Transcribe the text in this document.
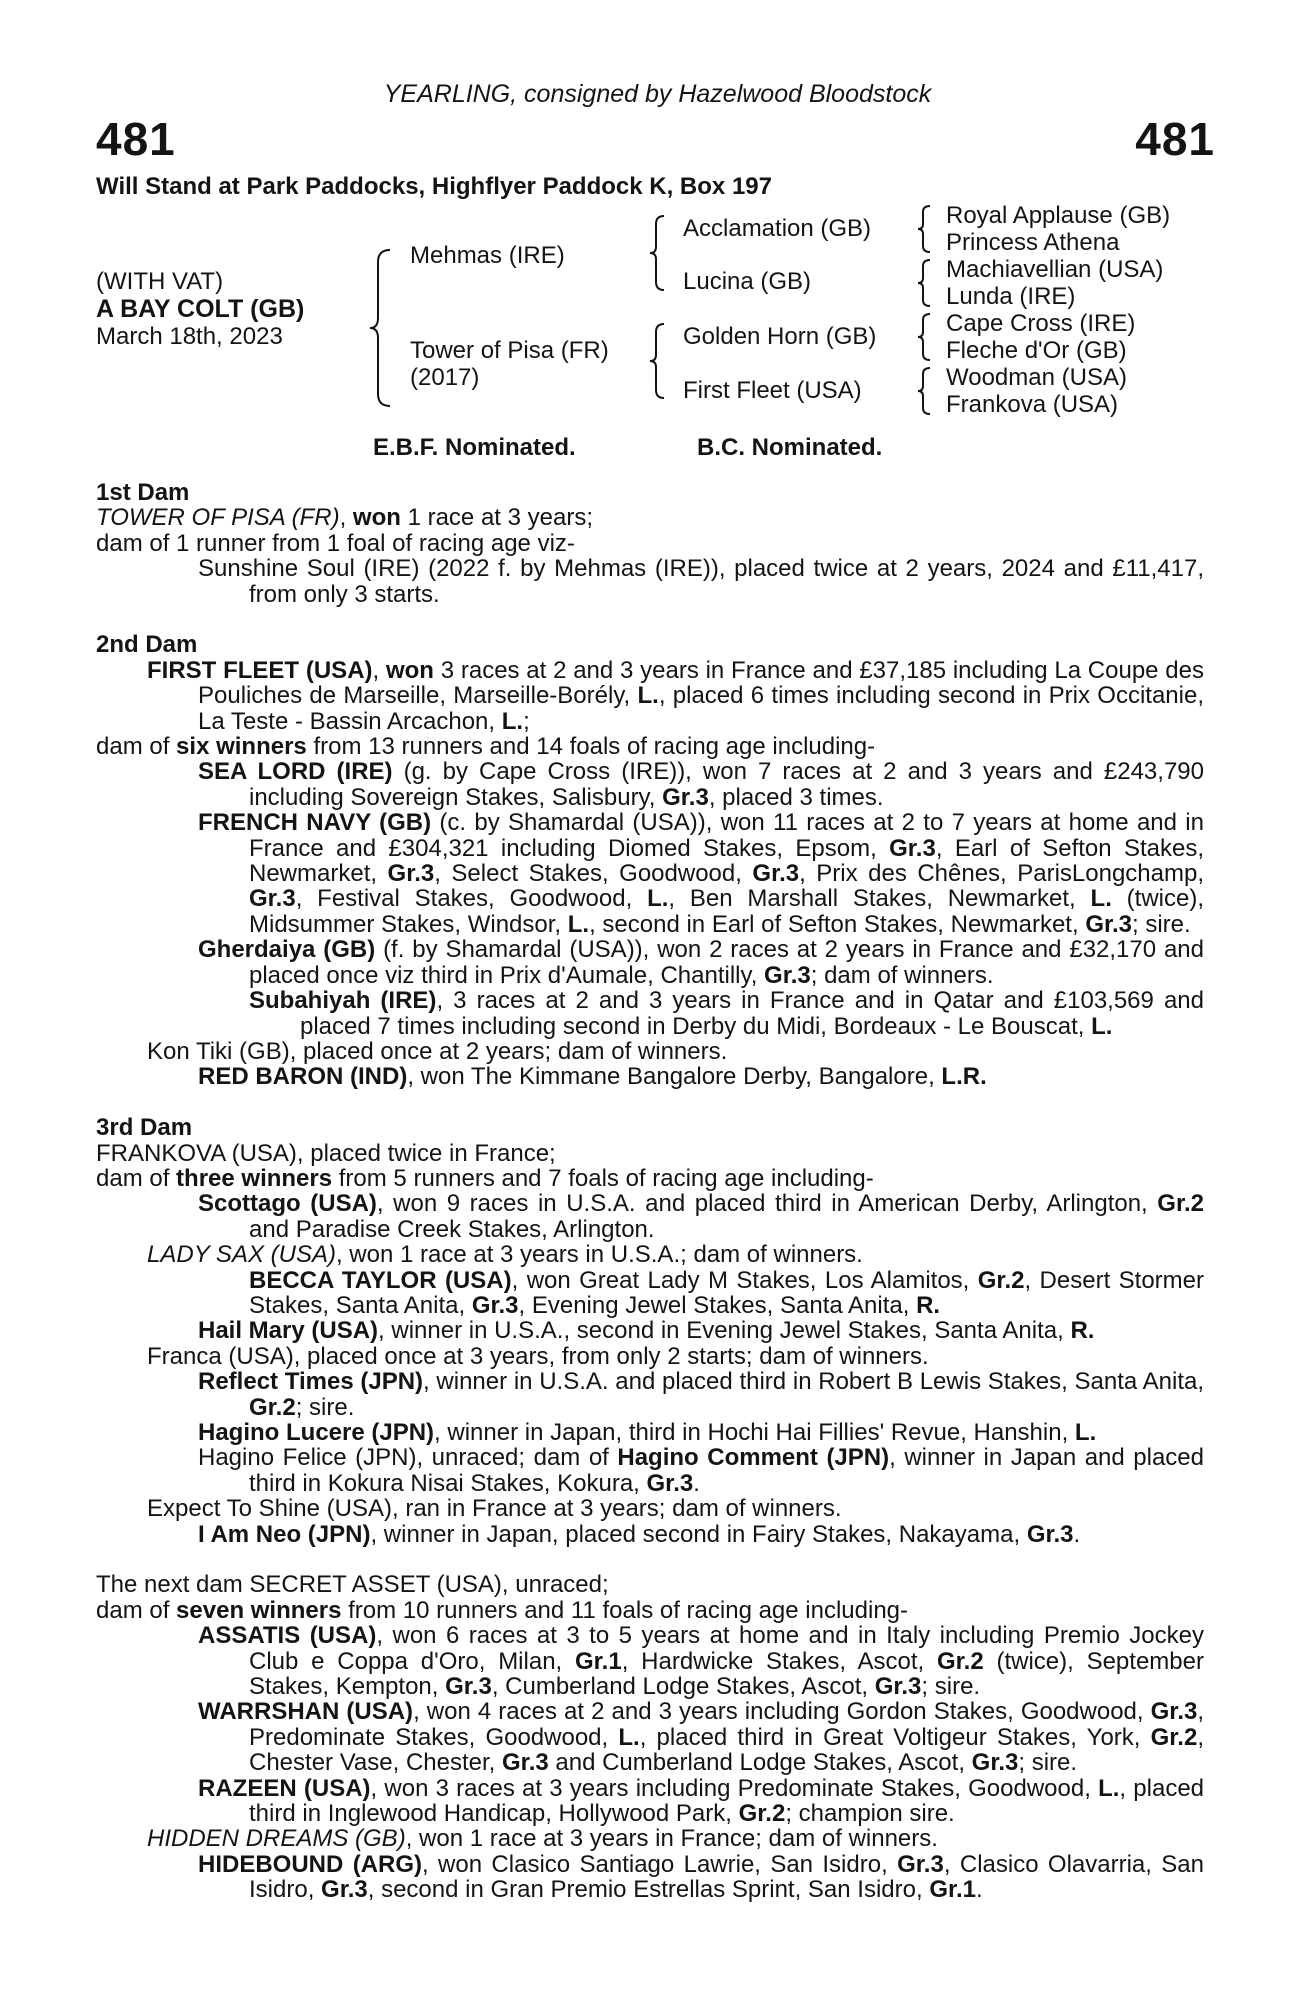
YEARLING, consigned by Hazelwood Bloodstock
481	481
Will Stand at Park Paddocks, Highflyer Paddock K, Box 197
(WITH VAT)
A BAY COLT (GB)
March 18th, 2023
Mehmas (IRE)
Tower of Pisa (FR)
(2017)
Acclamation (GB)
Lucina (GB)
Golden Horn (GB)
First Fleet (USA)
Royal Applause (GB)
Princess Athena
Machiavellian (USA)
Lunda (IRE)
Cape Cross (IRE)
Fleche d'Or (GB)
Woodman (USA)
Frankova (USA)
E.B.F. Nominated.	B.C. Nominated.

1st Dam

TOWER OF PISA (FR), won 1 race at 3 years;

dam of 1 runner from 1 foal of racing age viz-

Sunshine Soul (IRE) (2022 f. by Mehmas (IRE)), placed twice at 2 years, 2024 and £11,417, from only 3 starts.

2nd Dam

FIRST FLEET (USA), won 3 races at 2 and 3 years in France and £37,185 including La Coupe des Pouliches de Marseille, Marseille-Borély, L., placed 6 times including second in Prix Occitanie, La Teste - Bassin Arcachon, L.;

dam of six winners from 13 runners and 14 foals of racing age including-

SEA LORD (IRE) (g. by Cape Cross (IRE)), won 7 races at 2 and 3 years and £243,790 including Sovereign Stakes, Salisbury, Gr.3, placed 3 times.

FRENCH NAVY (GB) (c. by Shamardal (USA)), won 11 races at 2 to 7 years at home and in France and £304,321 including Diomed Stakes, Epsom, Gr.3, Earl of Sefton Stakes, Newmarket, Gr.3, Select Stakes, Goodwood, Gr.3, Prix des Chênes, ParisLongchamp, Gr.3, Festival Stakes, Goodwood, L., Ben Marshall Stakes, Newmarket, L. (twice), Midsummer Stakes, Windsor, L., second in Earl of Sefton Stakes, Newmarket, Gr.3; sire.

Gherdaiya (GB) (f. by Shamardal (USA)), won 2 races at 2 years in France and £32,170 and placed once viz third in Prix d'Aumale, Chantilly, Gr.3; dam of winners.

Subahiyah (IRE), 3 races at 2 and 3 years in France and in Qatar and £103,569 and placed 7 times including second in Derby du Midi, Bordeaux - Le Bouscat, L.

Kon Tiki (GB), placed once at 2 years; dam of winners.

RED BARON (IND), won The Kimmane Bangalore Derby, Bangalore, L.R.

3rd Dam

FRANKOVA (USA), placed twice in France;

dam of three winners from 5 runners and 7 foals of racing age including-

Scottago (USA), won 9 races in U.S.A. and placed third in American Derby, Arlington, Gr.2 and Paradise Creek Stakes, Arlington.

LADY SAX (USA), won 1 race at 3 years in U.S.A.; dam of winners.

BECCA TAYLOR (USA), won Great Lady M Stakes, Los Alamitos, Gr.2, Desert Stormer Stakes, Santa Anita, Gr.3, Evening Jewel Stakes, Santa Anita, R.

Hail Mary (USA), winner in U.S.A., second in Evening Jewel Stakes, Santa Anita, R.

Franca (USA), placed once at 3 years, from only 2 starts; dam of winners.

Reflect Times (JPN), winner in U.S.A. and placed third in Robert B Lewis Stakes, Santa Anita, Gr.2; sire.

Hagino Lucere (JPN), winner in Japan, third in Hochi Hai Fillies' Revue, Hanshin, L.

Hagino Felice (JPN), unraced; dam of Hagino Comment (JPN), winner in Japan and placed third in Kokura Nisai Stakes, Kokura, Gr.3.

Expect To Shine (USA), ran in France at 3 years; dam of winners.

I Am Neo (JPN), winner in Japan, placed second in Fairy Stakes, Nakayama, Gr.3.

The next dam SECRET ASSET (USA), unraced;

dam of seven winners from 10 runners and 11 foals of racing age including-

ASSATIS (USA), won 6 races at 3 to 5 years at home and in Italy including Premio Jockey Club e Coppa d'Oro, Milan, Gr.1, Hardwicke Stakes, Ascot, Gr.2 (twice), September Stakes, Kempton, Gr.3, Cumberland Lodge Stakes, Ascot, Gr.3; sire.

WARRSHAN (USA), won 4 races at 2 and 3 years including Gordon Stakes, Goodwood, Gr.3, Predominate Stakes, Goodwood, L., placed third in Great Voltigeur Stakes, York, Gr.2, Chester Vase, Chester, Gr.3 and Cumberland Lodge Stakes, Ascot, Gr.3; sire.

RAZEEN (USA), won 3 races at 3 years including Predominate Stakes, Goodwood, L., placed third in Inglewood Handicap, Hollywood Park, Gr.2; champion sire.

HIDDEN DREAMS (GB), won 1 race at 3 years in France; dam of winners.

HIDEBOUND (ARG), won Clasico Santiago Lawrie, San Isidro, Gr.3, Clasico Olavarria, San Isidro, Gr.3, second in Gran Premio Estrellas Sprint, San Isidro, Gr.1.
